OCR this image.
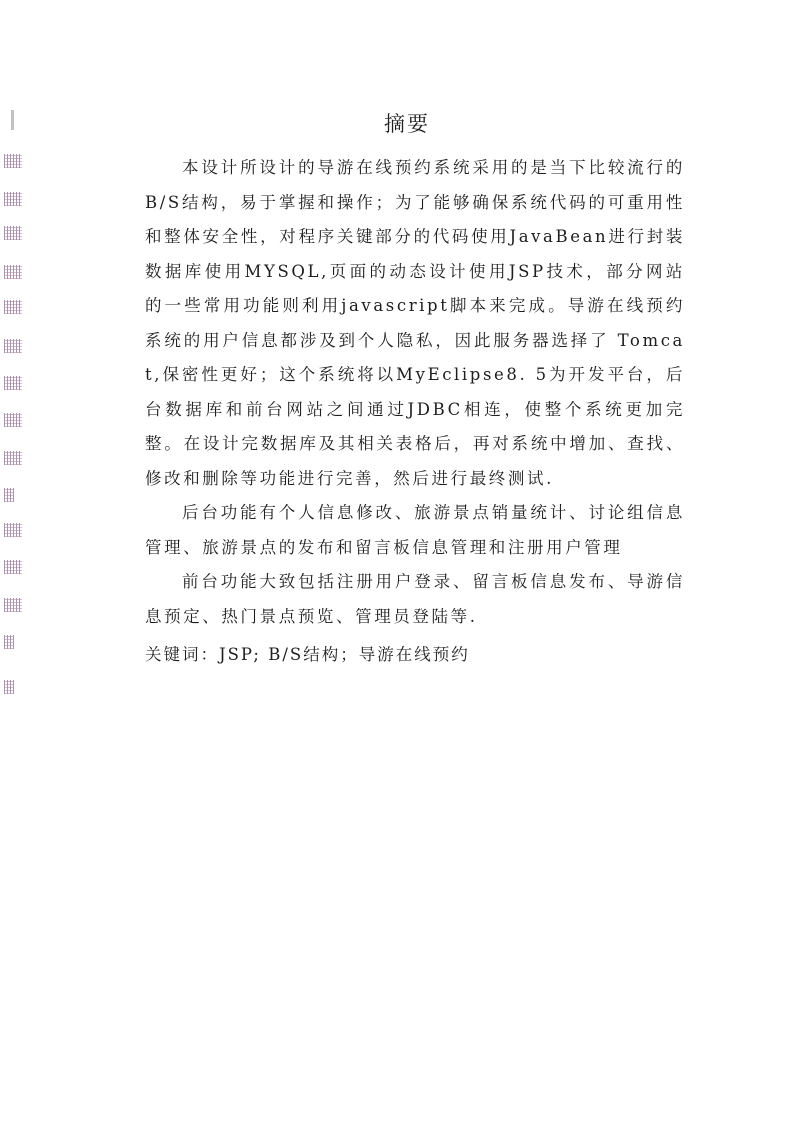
摘要

本设计所设计的导游在线预约系统采用的是当下比较流行的B/S结构，易于掌握和操作；为了能够确保系统代码的可重用性和整体安全性，对程序关键部分的代码使用JavaBean进行封装数据库使用MYSQL,页面的动态设计使用JSP技术，部分网站的一些常用功能则利用javascript脚本来完成。导游在线预约系统的用户信息都涉及到个人隐私，因此服务器选择了 Tomcat,保密性更好；这个系统将以MyEclipse8. 5为开发平台，后台数据库和前台网站之间通过JDBC相连，使整个系统更加完整。在设计完数据库及其相关表格后，再对系统中增加、查找、修改和删除等功能进行完善，然后进行最终测试.

后台功能有个人信息修改、旅游景点销量统计、讨论组信息管理、旅游景点的发布和留言板信息管理和注册用户管理

前台功能大致包括注册用户登录、留言板信息发布、导游信息预定、热门景点预览、管理员登陆等.

关键词：JSP; B/S结构；导游在线预约
